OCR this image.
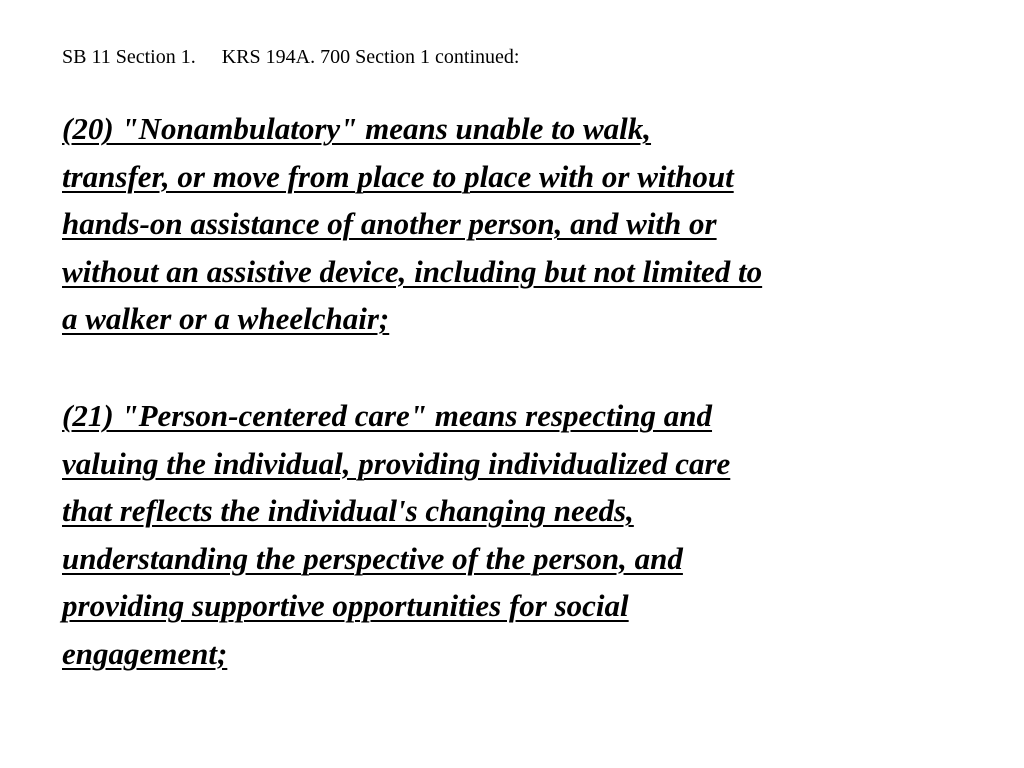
SB 11 Section 1. KRS 194A. 700 Section 1 continued:
(20) "Nonambulatory" means unable to walk,
transfer, or move from place to place with or without
hands-on assistance of another person, and with or
without an assistive device, including but not limited to
a walker or a wheelchair;
(21) "Person-centered care" means respecting and
valuing the individual, providing individualized care
that reflects the individual's changing needs,
understanding the perspective of the person, and
providing supportive opportunities for social
engagement;
